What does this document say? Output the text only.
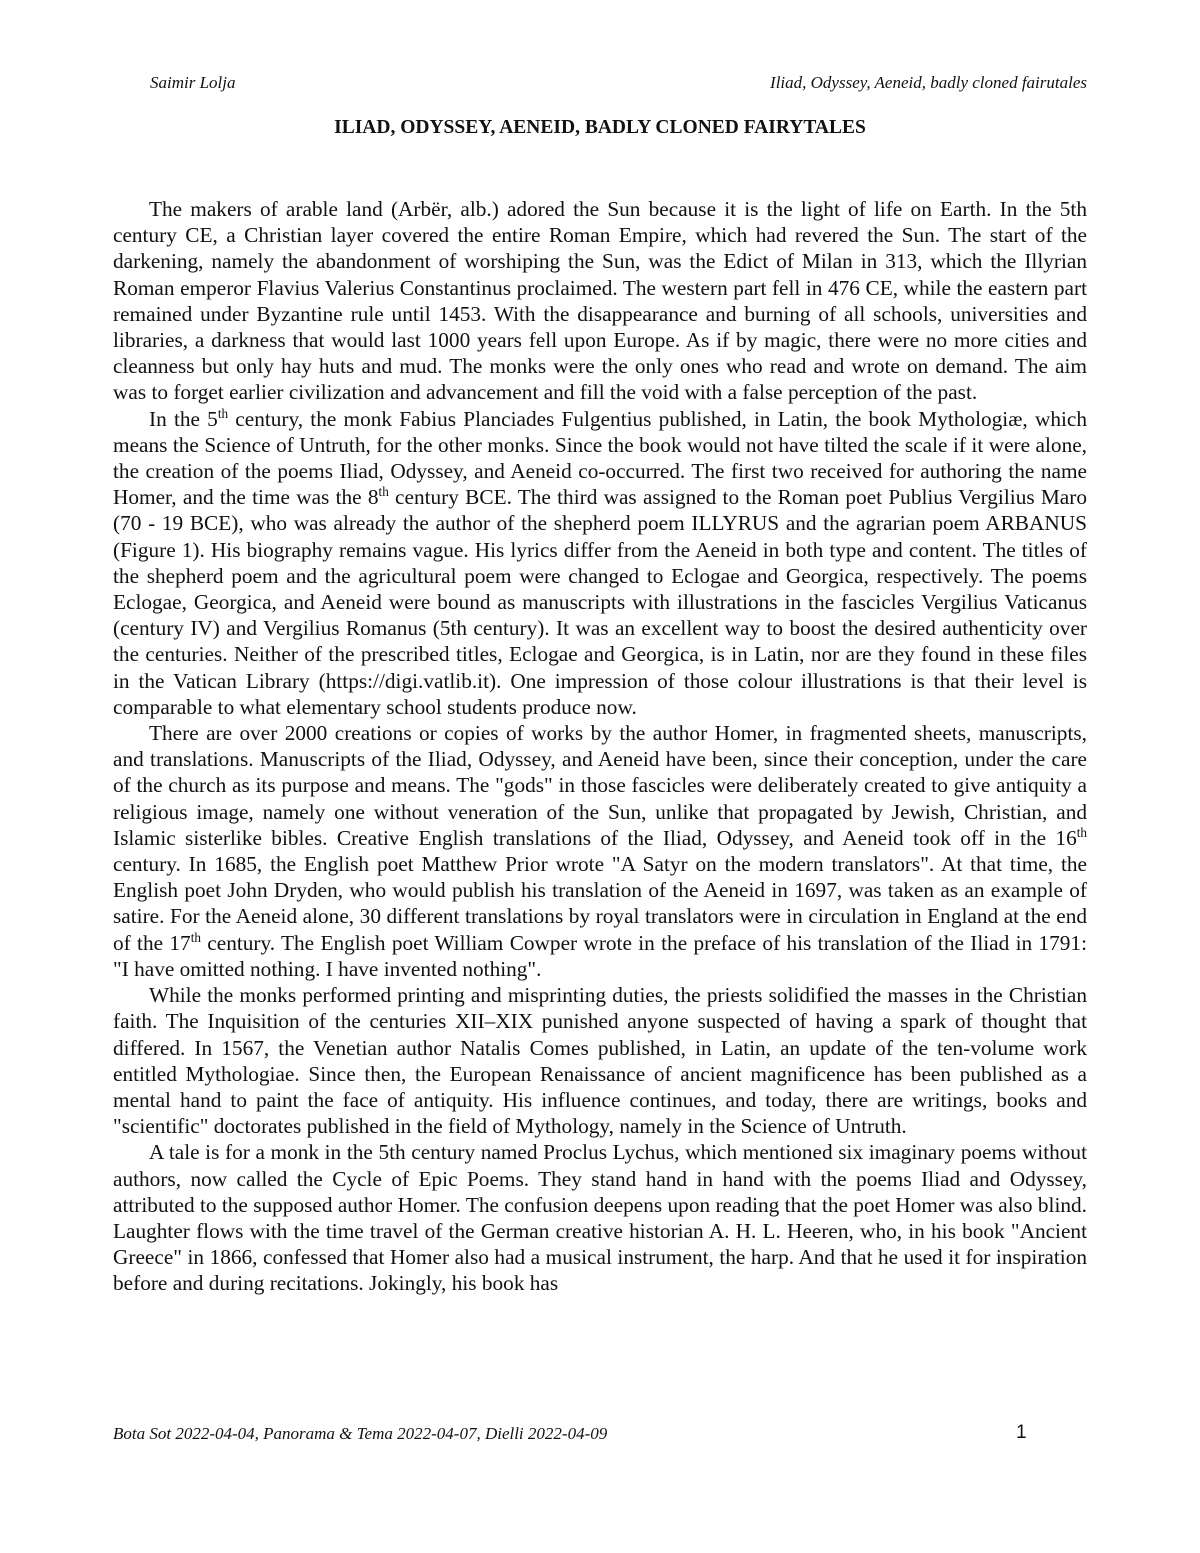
Saimir Lolja	Iliad, Odyssey, Aeneid, badly cloned fairutales
ILIAD, ODYSSEY, AENEID, BADLY CLONED FAIRYTALES

The makers of arable land (Arbër, alb.) adored the Sun because it is the light of life on Earth. In the 5th century CE, a Christian layer covered the entire Roman Empire, which had revered the Sun. The start of the darkening, namely the abandonment of worshiping the Sun, was the Edict of Milan in 313, which the Illyrian Roman emperor Flavius Valerius Constantinus proclaimed. The western part fell in 476 CE, while the eastern part remained under Byzantine rule until 1453. With the disappearance and burning of all schools, universities and libraries, a darkness that would last 1000 years fell upon Europe. As if by magic, there were no more cities and cleanness but only hay huts and mud. The monks were the only ones who read and wrote on demand. The aim was to forget earlier civilization and advancement and fill the void with a false perception of the past.

In the 5th century, the monk Fabius Planciades Fulgentius published, in Latin, the book Mythologiæ, which means the Science of Untruth, for the other monks. Since the book would not have tilted the scale if it were alone, the creation of the poems Iliad, Odyssey, and Aeneid co-occurred. The first two received for authoring the name Homer, and the time was the 8th century BCE. The third was assigned to the Roman poet Publius Vergilius Maro (70 - 19 BCE), who was already the author of the shepherd poem ILLYRUS and the agrarian poem ARBANUS (Figure 1). His biography remains vague. His lyrics differ from the Aeneid in both type and content. The titles of the shepherd poem and the agricultural poem were changed to Eclogae and Georgica, respectively. The poems Eclogae, Georgica, and Aeneid were bound as manuscripts with illustrations in the fascicles Vergilius Vaticanus (century IV) and Vergilius Romanus (5th century). It was an excellent way to boost the desired authenticity over the centuries. Neither of the prescribed titles, Eclogae and Georgica, is in Latin, nor are they found in these files in the Vatican Library (https://digi.vatlib.it). One impression of those colour illustrations is that their level is comparable to what elementary school students produce now.

There are over 2000 creations or copies of works by the author Homer, in fragmented sheets, manuscripts, and translations. Manuscripts of the Iliad, Odyssey, and Aeneid have been, since their conception, under the care of the church as its purpose and means. The "gods" in those fascicles were deliberately created to give antiquity a religious image, namely one without veneration of the Sun, unlike that propagated by Jewish, Christian, and Islamic sisterlike bibles. Creative English translations of the Iliad, Odyssey, and Aeneid took off in the 16th century. In 1685, the English poet Matthew Prior wrote "A Satyr on the modern translators". At that time, the English poet John Dryden, who would publish his translation of the Aeneid in 1697, was taken as an example of satire. For the Aeneid alone, 30 different translations by royal translators were in circulation in England at the end of the 17th century. The English poet William Cowper wrote in the preface of his translation of the Iliad in 1791: "I have omitted nothing. I have invented nothing".

While the monks performed printing and misprinting duties, the priests solidified the masses in the Christian faith. The Inquisition of the centuries XII–XIX punished anyone suspected of having a spark of thought that differed. In 1567, the Venetian author Natalis Comes published, in Latin, an update of the ten-volume work entitled Mythologiae. Since then, the European Renaissance of ancient magnificence has been published as a mental hand to paint the face of antiquity. His influence continues, and today, there are writings, books and "scientific" doctorates published in the field of Mythology, namely in the Science of Untruth.

A tale is for a monk in the 5th century named Proclus Lychus, which mentioned six imaginary poems without authors, now called the Cycle of Epic Poems. They stand hand in hand with the poems Iliad and Odyssey, attributed to the supposed author Homer. The confusion deepens upon reading that the poet Homer was also blind. Laughter flows with the time travel of the German creative historian A. H. L. Heeren, who, in his book "Ancient Greece" in 1866, confessed that Homer also had a musical instrument, the harp. And that he used it for inspiration before and during recitations. Jokingly, his book has

Bota Sot 2022-04-04, Panorama & Tema 2022-04-07, Dielli 2022-04-09	1
